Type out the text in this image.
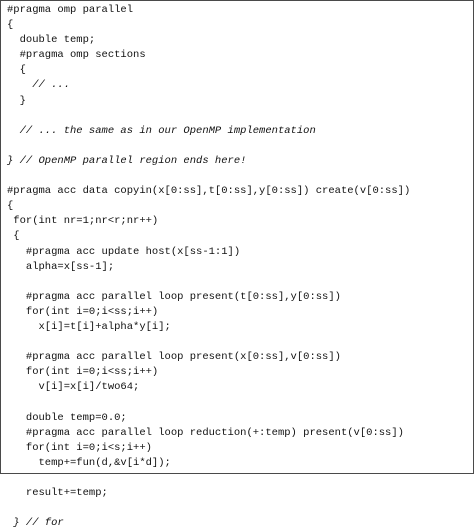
#pragma omp parallel
{
double temp;
#pragma omp sections
{
// ...
}
// ... the same as in our OpenMP implementation
} // OpenMP parallel region ends here!
#pragma acc data copyin(x[0:ss],t[0:ss],y[0:ss]) create(v[0:ss])
{
for(int nr=1;nr<r;nr++)
{
#pragma acc update host(x[ss-1:1])
alpha=x[ss-1];
#pragma acc parallel loop present(t[0:ss],y[0:ss])
for(int i=0;i<ss;i++)
x[i]=t[i]+alpha*y[i];
#pragma acc parallel loop present(x[0:ss],v[0:ss])
for(int i=0;i<ss;i++)
v[i]=x[i]/two64;
double temp=0.0;
#pragma acc parallel loop reduction(+:temp) present(v[0:ss])
for(int i=0;i<s;i++)
temp+=fun(d,&v[i*d]);
result+=temp;
} // for
